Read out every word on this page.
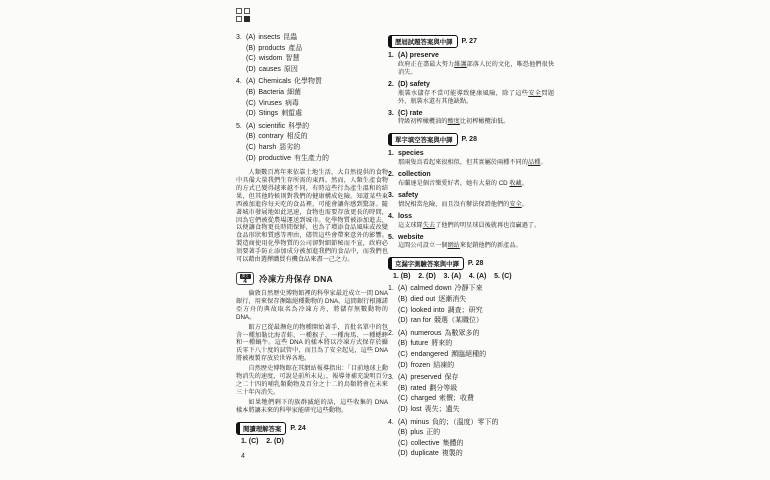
3. (A) insects 昆蟲
(B) products 產品
(C) wisdom 智慧
(D) causes 原因
4. (A) Chemicals 化學物質
(B) Bacteria 細菌
(C) Viruses 病毒
(D) Stings 刺蜇處
5. (A) scientific 科學的
(B) contrary 相反的
(C) harsh 惡劣的
(D) productive 有生產力的

人類數百萬年來依靠土地生活，大自然提供的食物中具備大量我們生存所需的東西。然而，人類生產食物的方式已變得越來越不同，有時這些行為產生溫和的結果，但其他時候則對我們的健康構成危險。知道某些東西被加進你每天吃的食品裡，可能會讓你感到驚訝。隨著城市發展地如此迅速，食物也需要存放更長的時間，因為它們被從農場運送到城市。化學物質被添加進去，以便讓食物更長時間保鮮，也為了增添食品風味或改變食品形狀和質感等理由，儘管這些會帶來意外的影響。製造商使用化學物質的公司卻對細節秘而不宣，政府必須要著手防止添加成分被加進我們的食品中，而我們也可以藉由選擇購買有機食品來盡一己之力。

課文
4 冷凍方舟保存 DNA

倫敦自然歷史博物館裡的科學家最近成立一間 DNA 銀行，用來保存瀕臨絕種動物的 DNA。這間銀行根據諾亞方舟的典故取名為冷凍方舟，將儲存無數動物的 DNA。

館方已從最瀕危的物種開始著手，首批名單中的包含一種加勒比海青蛙、一種猴子、一種海馬、一種蟋蟀和一種蝸牛。這些 DNA 的樣本將以冷凍方式保存於攝氏零下八十度的試管中，而且為了安全起見，這些 DNA 將被複製存放於世界各地。

自然歷史博物館在其網站報導指出：「目前地球上動物消失的速度，可說是前所未見」，報導並補充說明百分之二十四的哺乳類動物及百分之十二的鳥類將會在未來三十年內消失。

如果牠們剩下的族群滅絕的話，這些收集的 DNA 樣本將讓未來的科學家能研究這些動物。

閱讀理解答案	P. 24
1. (C)    2. (D)
4
歷屆試題答案與中譯	P. 27
1. (A) preserve
政府正在盡最大努力維護部落人民的文化，唯恐他們很快消失。
2. (D) safety
瓶裝水儲存不當可能導致健康風險，除了這些安全問題外，瓶裝水還有其他缺點。
3. (C) rate
特級初榨橄欖油的酸度比初榨橄欖油低。
單字填空答案與中譯	P. 28
1. species
那兩隻鳥看起來很相似，但其實屬於兩種不同的品種。
2. collection
布蘭達是個音樂愛好者，她有大量的 CD 收藏。
3. safety
情況相當危險，而且沒有辦法保證他們的安全。
4. loss
這支球隊失去了他們的明星球員後就再也沒贏過了。
5. website
這間公司設立一個網站來促銷他們的新產品。
克漏字測驗答案與中譯	P. 28
1. (B)    2. (D)    3. (A)    4. (A)    5. (C)
1. (A) calmed down 冷靜下來
(B) died out 逐漸消失
(C) looked into 調查；研究
(D) ran for 競選（某職位）
2. (A) numerous 為數眾多的
(B) future 將來的
(C) endangered 瀕臨絕種的
(D) frozen 結凍的
3. (A) preserved 保存
(B) rated 劃分等級
(C) charged 索價；收費
(D) lost 喪失；遺失
4. (A) minus 負的；（溫度）零下的
(B) plus 正的
(C) collective 集體的
(D) duplicate 複製的
